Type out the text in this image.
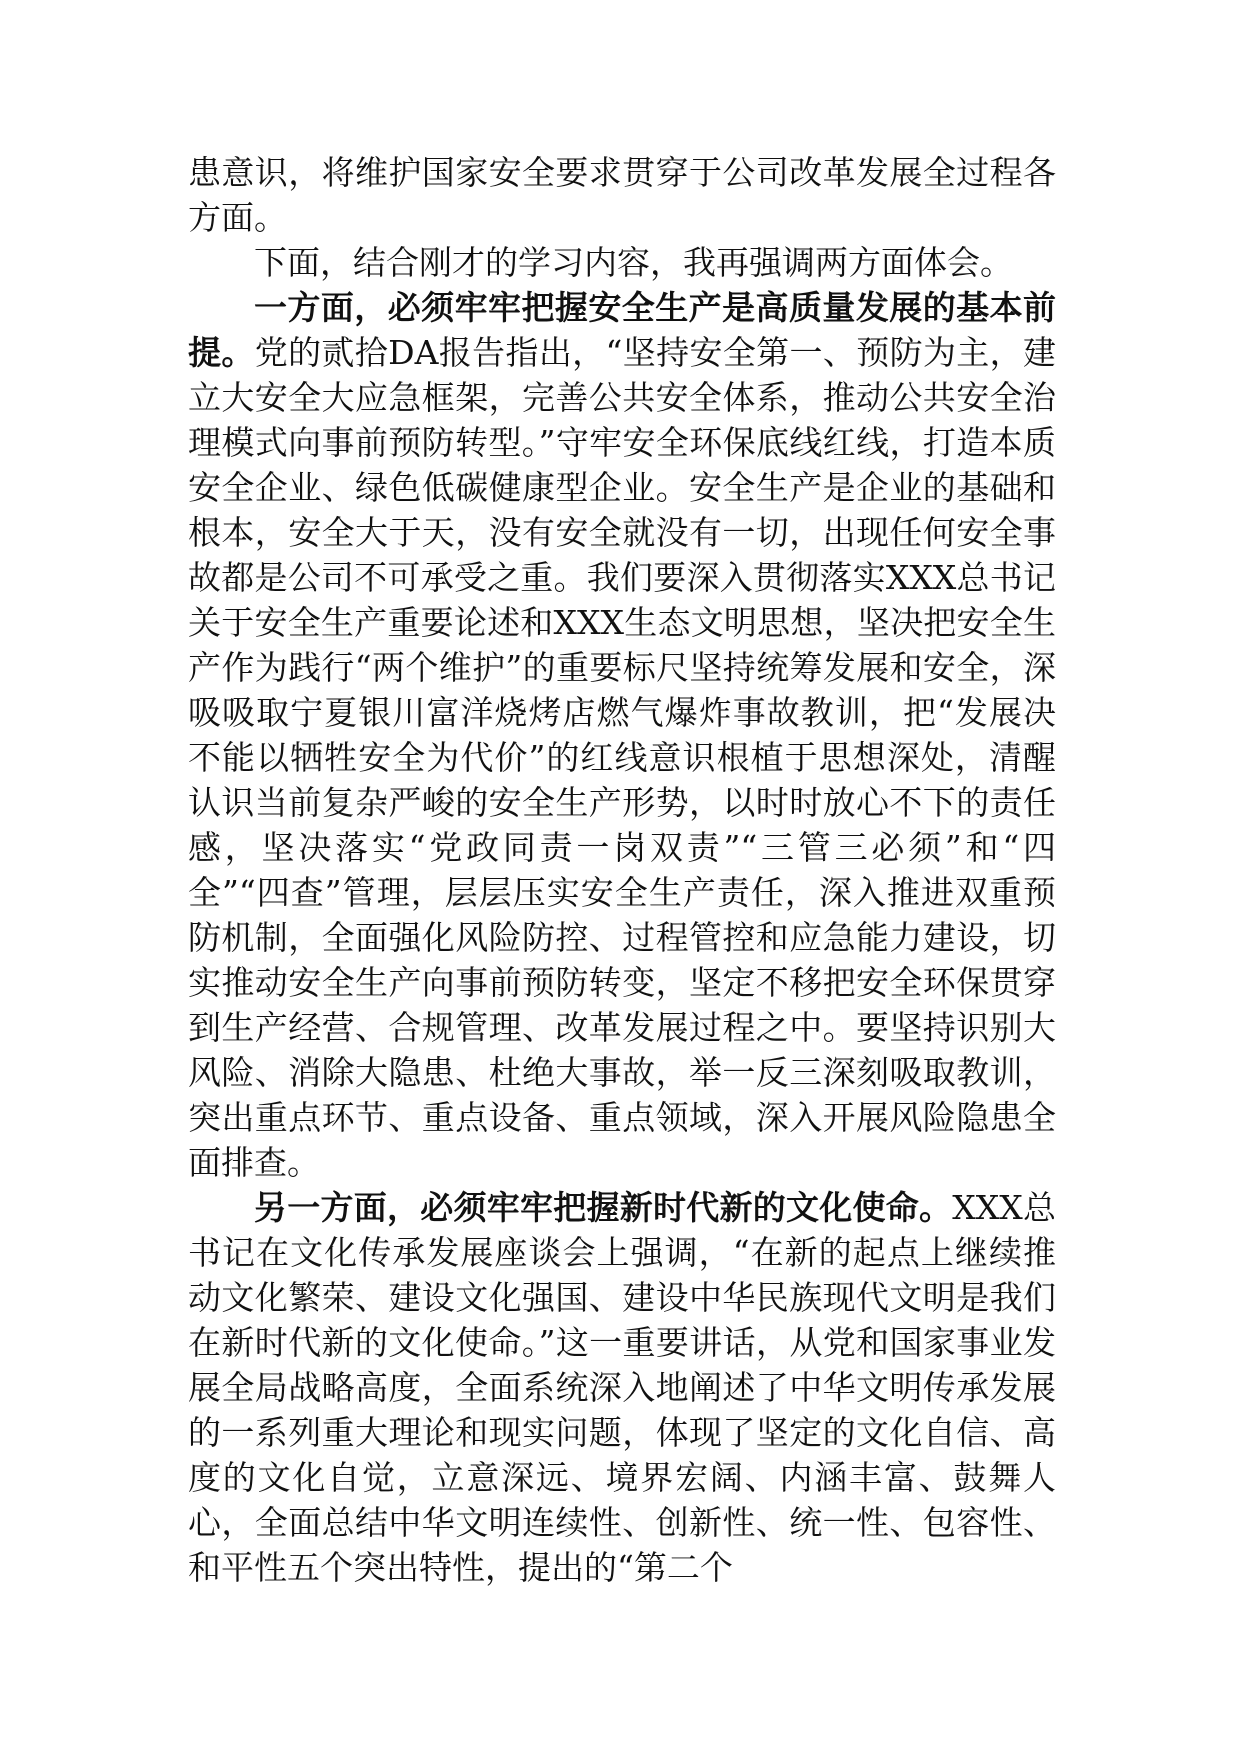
患意识，将维护国家安全要求贯穿于公司改革发展全过程各方面。

下面，结合刚才的学习内容，我再强调两方面体会。

一方面，必须牢牢把握安全生产是高质量发展的基本前提。党的贰拾DA报告指出，“坚持安全第一、预防为主，建立大安全大应急框架，完善公共安全体系，推动公共安全治理模式向事前预防转型。”守牢安全环保底线红线，打造本质安全企业、绿色低碳健康型企业。安全生产是企业的基础和根本，安全大于天，没有安全就没有一切，出现任何安全事故都是公司不可承受之重。我们要深入贯彻落实XXX总书记关于安全生产重要论述和XXX生态文明思想，坚决把安全生产作为践行“两个维护”的重要标尺坚持统筹发展和安全，深吸吸取宁夏银川富洋烧烤店燃气爆炸事故教训，把“发展决不能以牺牲安全为代价”的红线意识根植于思想深处，清醒认识当前复杂严峻的安全生产形势，以时时放心不下的责任感，坚决落实“党政同责一岗双责”“三管三必须”和“四全”“四查”管理，层层压实安全生产责任，深入推进双重预防机制，全面强化风险防控、过程管控和应急能力建设，切实推动安全生产向事前预防转变，坚定不移把安全环保贯穿到生产经营、合规管理、改革发展过程之中。要坚持识别大风险、消除大隐患、杜绝大事故，举一反三深刻吸取教训，突出重点环节、重点设备、重点领域，深入开展风险隐患全面排查。

另一方面，必须牢牢把握新时代新的文化使命。XXX总书记在文化传承发展座谈会上强调，“在新的起点上继续推动文化繁荣、建设文化强国、建设中华民族现代文明是我们在新时代新的文化使命。”这一重要讲话，从党和国家事业发展全局战略高度，全面系统深入地阐述了中华文明传承发展的一系列重大理论和现实问题，体现了坚定的文化自信、高度的文化自觉，立意深远、境界宏阔、内涵丰富、鼓舞人心，全面总结中华文明连续性、创新性、统一性、包容性、和平性五个突出特性，提出的“第二个
